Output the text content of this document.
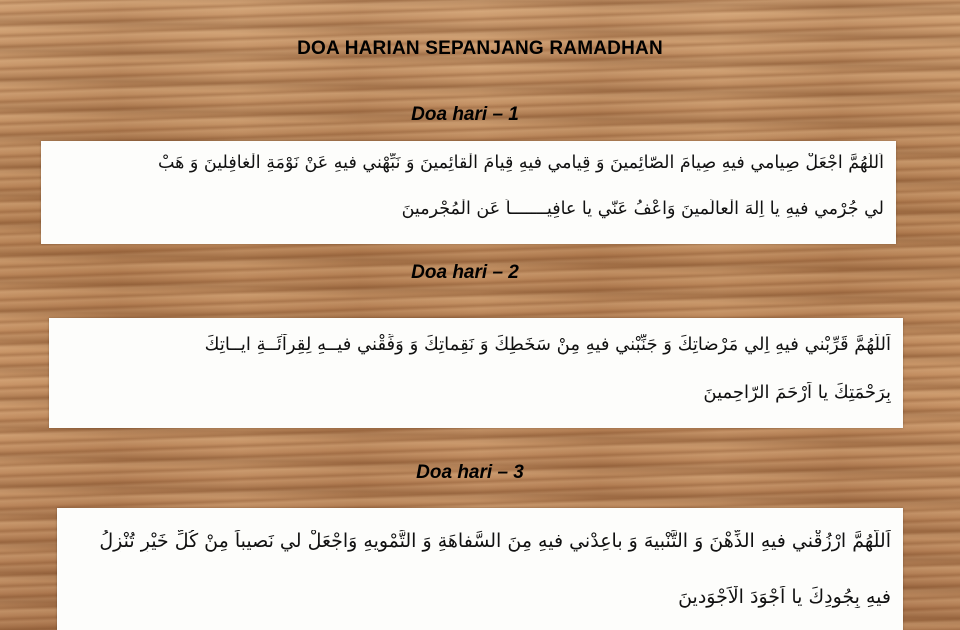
DOA HARIAN SEPANJANG RAMADHAN
Doa hari – 1
اَللّهُمَّ اجْعَلْ صِيامي فيهِ صِيامَ الصّائِمينَ وَ قِيامي فيهِ قِيامَ الْقائِمينَ وَ نَبِّهْني فيهِ عَنْ نَوْمَةِ الْغافِلينَ وَ هَبْ
لي جُرْمي فيهِ يا اِلهَ الْعالَمينَ وَاعْفُ عَنّي يا عافِيـــــــاً عَنِ الْمُجْرِمينَ
Doa hari – 2
اَللّهُمَّ قَرِّبْني فيهِ اِلي مَرْضاتِكَ وَ جَنِّبْني فيهِ مِنْ سَخَطِكَ وَ نَقِماتِكَ وَ وَفِّقْني فيــهِ لِقِرآئَــةِ ايــاتِكَ
بِرَحْمَتِكَ يا اَرْحَمَ الرّاحِمينَ
Doa hari – 3
اَللّهُمَّ ارْزُقْني فيهِ الذِّهْنَ وَ التَّنْبيهَ وَ باعِدْني فيهِ مِنَ السَّفاهَةِ وَ التَّمْويهِ وَاجْعَلْ لي نَصيباً مِنْ كُلِّ خَيْرٍ تُنْزِلُ
فيهِ بِجُودِكَ يا اَجْوَدَ الْاَجْوَدينَ
